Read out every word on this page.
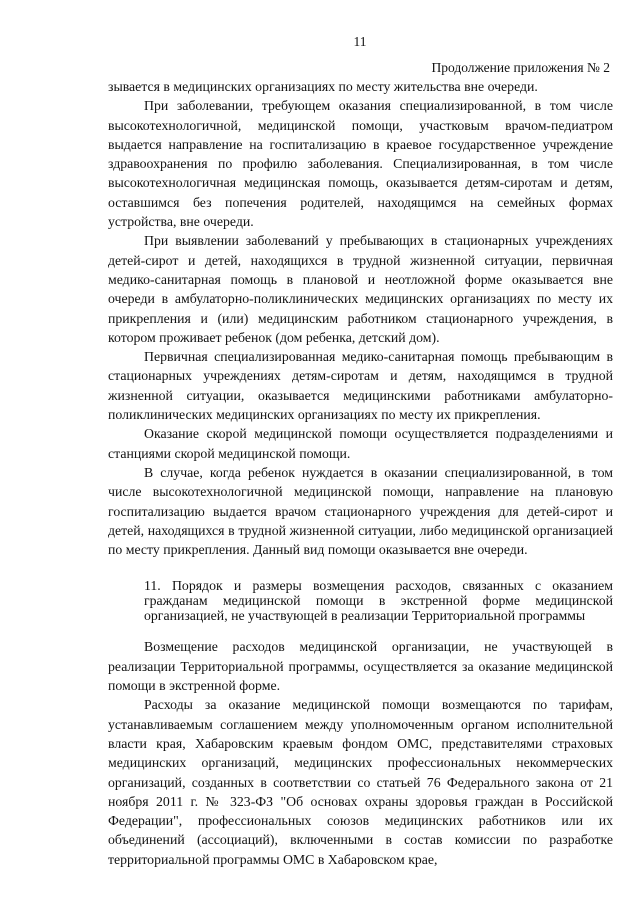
11
Продолжение приложения № 2

зывается в медицинских организациях по месту жительства вне очереди.

При заболевании, требующем оказания специализированной, в том числе высокотехнологичной, медицинской помощи, участковым врачом-педиатром выдается направление на госпитализацию в краевое государственное учреждение здравоохранения по профилю заболевания. Специализированная, в том числе высокотехнологичная медицинская помощь, оказывается детям-сиротам и детям, оставшимся без попечения родителей, находящимся на семейных формах устройства, вне очереди.

При выявлении заболеваний у пребывающих в стационарных учреждениях детей-сирот и детей, находящихся в трудной жизненной ситуации, первичная медико-санитарная помощь в плановой и неотложной форме оказывается вне очереди в амбулаторно-поликлинических медицинских организациях по месту их прикрепления и (или) медицинским работником стационарного учреждения, в котором проживает ребенок (дом ребенка, детский дом).

Первичная специализированная медико-санитарная помощь пребывающим в стационарных учреждениях детям-сиротам и детям, находящимся в трудной жизненной ситуации, оказывается медицинскими работниками амбулаторно-поликлинических медицинских организациях по месту их прикрепления.

Оказание скорой медицинской помощи осуществляется подразделениями и станциями скорой медицинской помощи.

В случае, когда ребенок нуждается в оказании специализированной, в том числе высокотехнологичной медицинской помощи, направление на плановую госпитализацию выдается врачом стационарного учреждения для детей-сирот и детей, находящихся в трудной жизненной ситуации, либо медицинской организацией по месту прикрепления. Данный вид помощи оказывается вне очереди.

11. Порядок и размеры возмещения расходов, связанных с оказанием гражданам медицинской помощи в экстренной форме медицинской организацией, не участвующей в реализации Территориальной программы

Возмещение расходов медицинской организации, не участвующей в реализации Территориальной программы, осуществляется за оказание медицинской помощи в экстренной форме.

Расходы за оказание медицинской помощи возмещаются по тарифам, устанавливаемым соглашением между уполномоченным органом исполнительной власти края, Хабаровским краевым фондом ОМС, представителями страховых медицинских организаций, медицинских профессиональных некоммерческих организаций, созданных в соответствии со статьей 76 Федерального закона от 21 ноября 2011 г. № 323-ФЗ "Об основах охраны здоровья граждан в Российской Федерации", профессиональных союзов медицинских работников или их объединений (ассоциаций), включенными в состав комиссии по разработке территориальной программы ОМС в Хабаровском крае,
